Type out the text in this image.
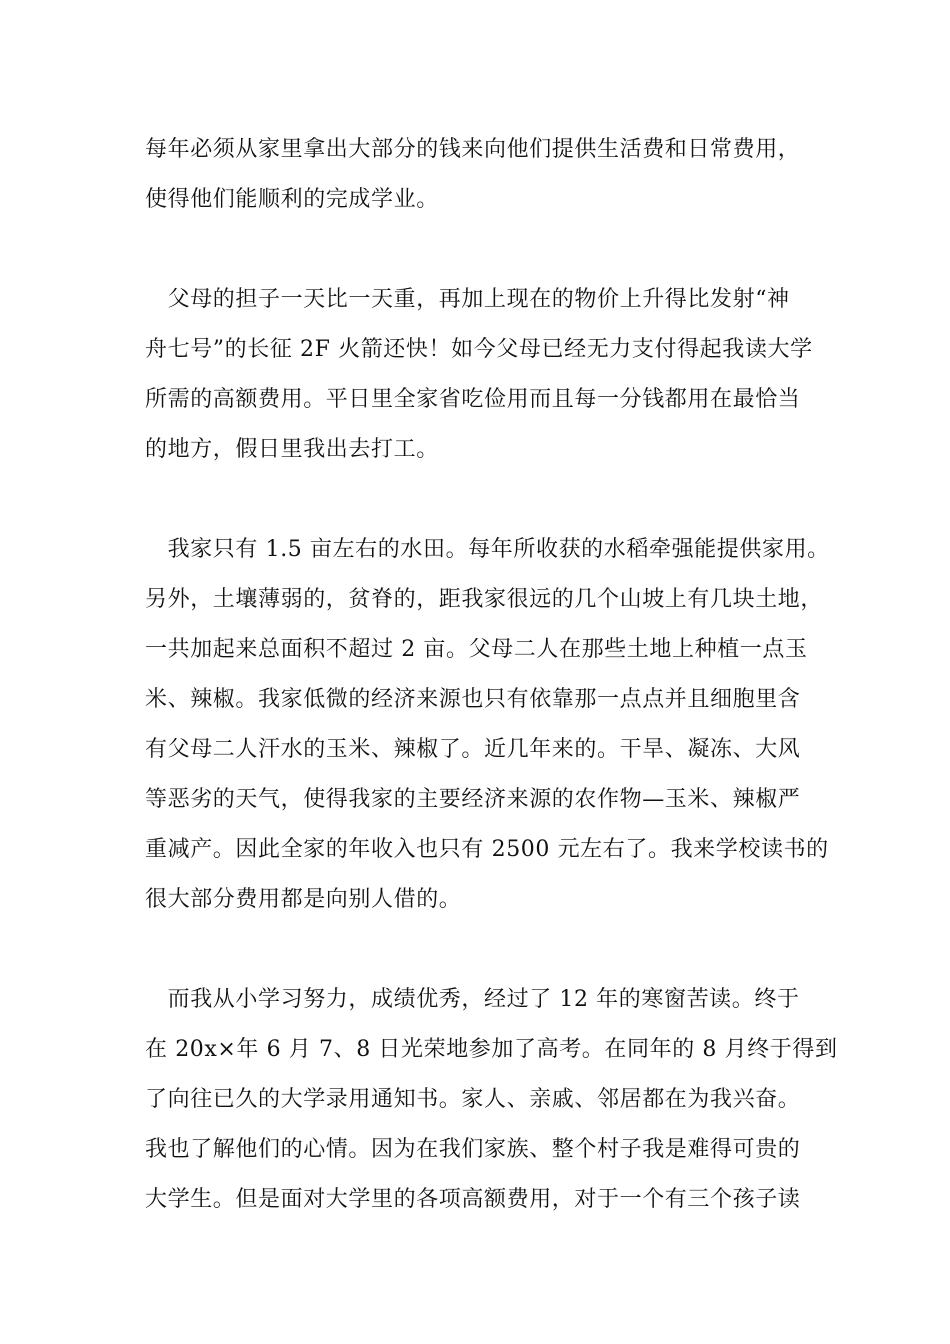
每年必须从家里拿出大部分的钱来向他们提供生活费和日常费用，
使得他们能顺利的完成学业。
　父母的担子一天比一天重，再加上现在的物价上升得比发射“神
舟七号”的长征 2F 火箭还快！如今父母已经无力支付得起我读大学
所需的高额费用。平日里全家省吃俭用而且每一分钱都用在最恰当
的地方，假日里我出去打工。
　我家只有 1.5 亩左右的水田。每年所收获的水稻牵强能提供家用。
另外，土壤薄弱的，贫脊的，距我家很远的几个山坡上有几块土地，
一共加起来总面积不超过 2 亩。父母二人在那些土地上种植一点玉
米、辣椒。我家低微的经济来源也只有依靠那一点点并且细胞里含
有父母二人汗水的玉米、辣椒了。近几年来的。干旱、凝冻、大风
等恶劣的天气，使得我家的主要经济来源的农作物—玉米、辣椒严
重减产。因此全家的年收入也只有 2500 元左右了。我来学校读书的
很大部分费用都是向别人借的。
　而我从小学习努力，成绩优秀，经过了 12 年的寒窗苦读。终于
在 20x×年 6 月 7、8 日光荣地参加了高考。在同年的 8 月终于得到
了向往已久的大学录用通知书。家人、亲戚、邻居都在为我兴奋。
我也了解他们的心情。因为在我们家族、整个村子我是难得可贵的
大学生。但是面对大学里的各项高额费用，对于一个有三个孩子读
